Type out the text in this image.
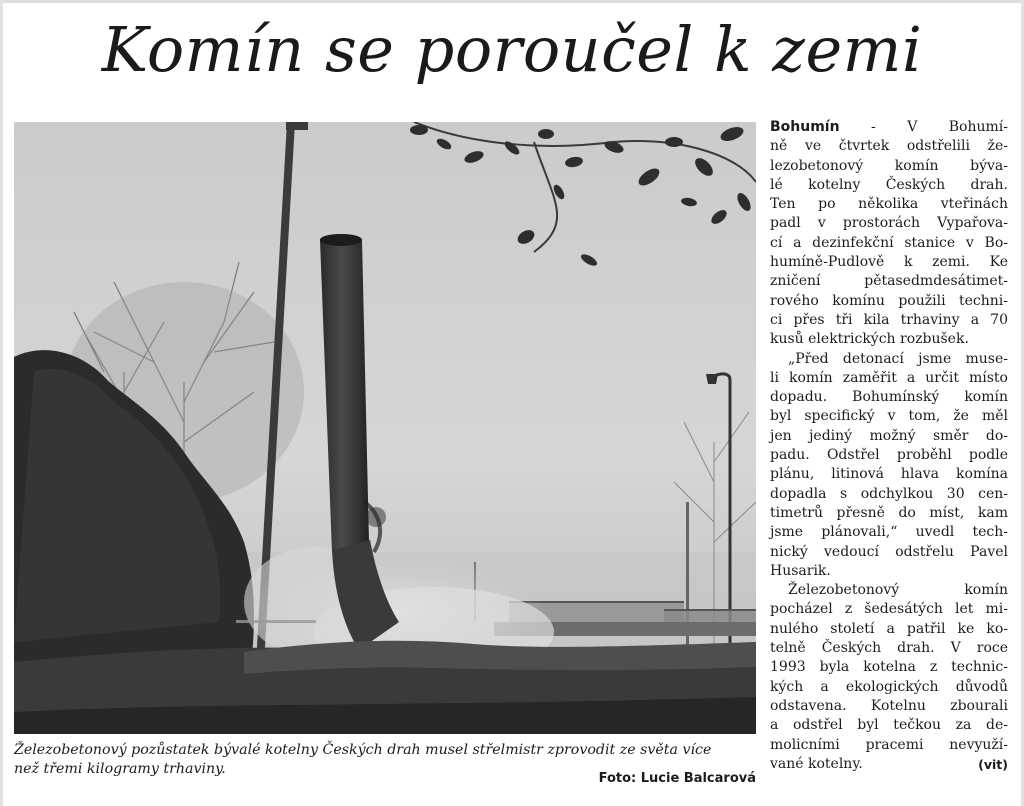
Komín se poroučel k zemi
Železobetonový pozůstatek bývalé kotelny Českých drah musel střelmistr zprovodit ze světa více
než třemi kilogramy trhaviny.
Foto: Lucie Balcarová
Bohumín - V Bohumí-
ně ve čtvrtek odstřelili že-
lezobetonový komín býva-
lé kotelny Českých drah.
Ten po několika vteřinách
padl v prostorách Vypařova-
cí a dezinfekční stanice v Bo-
humíně-Pudlově k zemi. Ke
zničení pětasedmdesátimet-
rového komínu použili techni-
ci přes tři kila trhaviny a 70
kusů elektrických rozbušek.
„Před detonací jsme muse-
li komín zaměřit a určit místo
dopadu. Bohumínský komín
byl specifický v tom, že měl
jen jediný možný směr do-
padu. Odstřel proběhl podle
plánu, litinová hlava komína
dopadla s odchylkou 30 cen-
timetrů přesně do míst, kam
jsme plánovali,“ uvedl tech-
nický vedoucí odstřelu Pavel
Husarik.
Železobetonový komín
pocházel z šedesátých let mi-
nulého století a patřil ke ko-
telně Českých drah. V roce
1993 byla kotelna z technic-
kých a ekologických důvodů
odstavena. Kotelnu zbourali
a odstřel byl tečkou za de-
molicními pracemi nevyuží-
vané kotelny.	(vit)
